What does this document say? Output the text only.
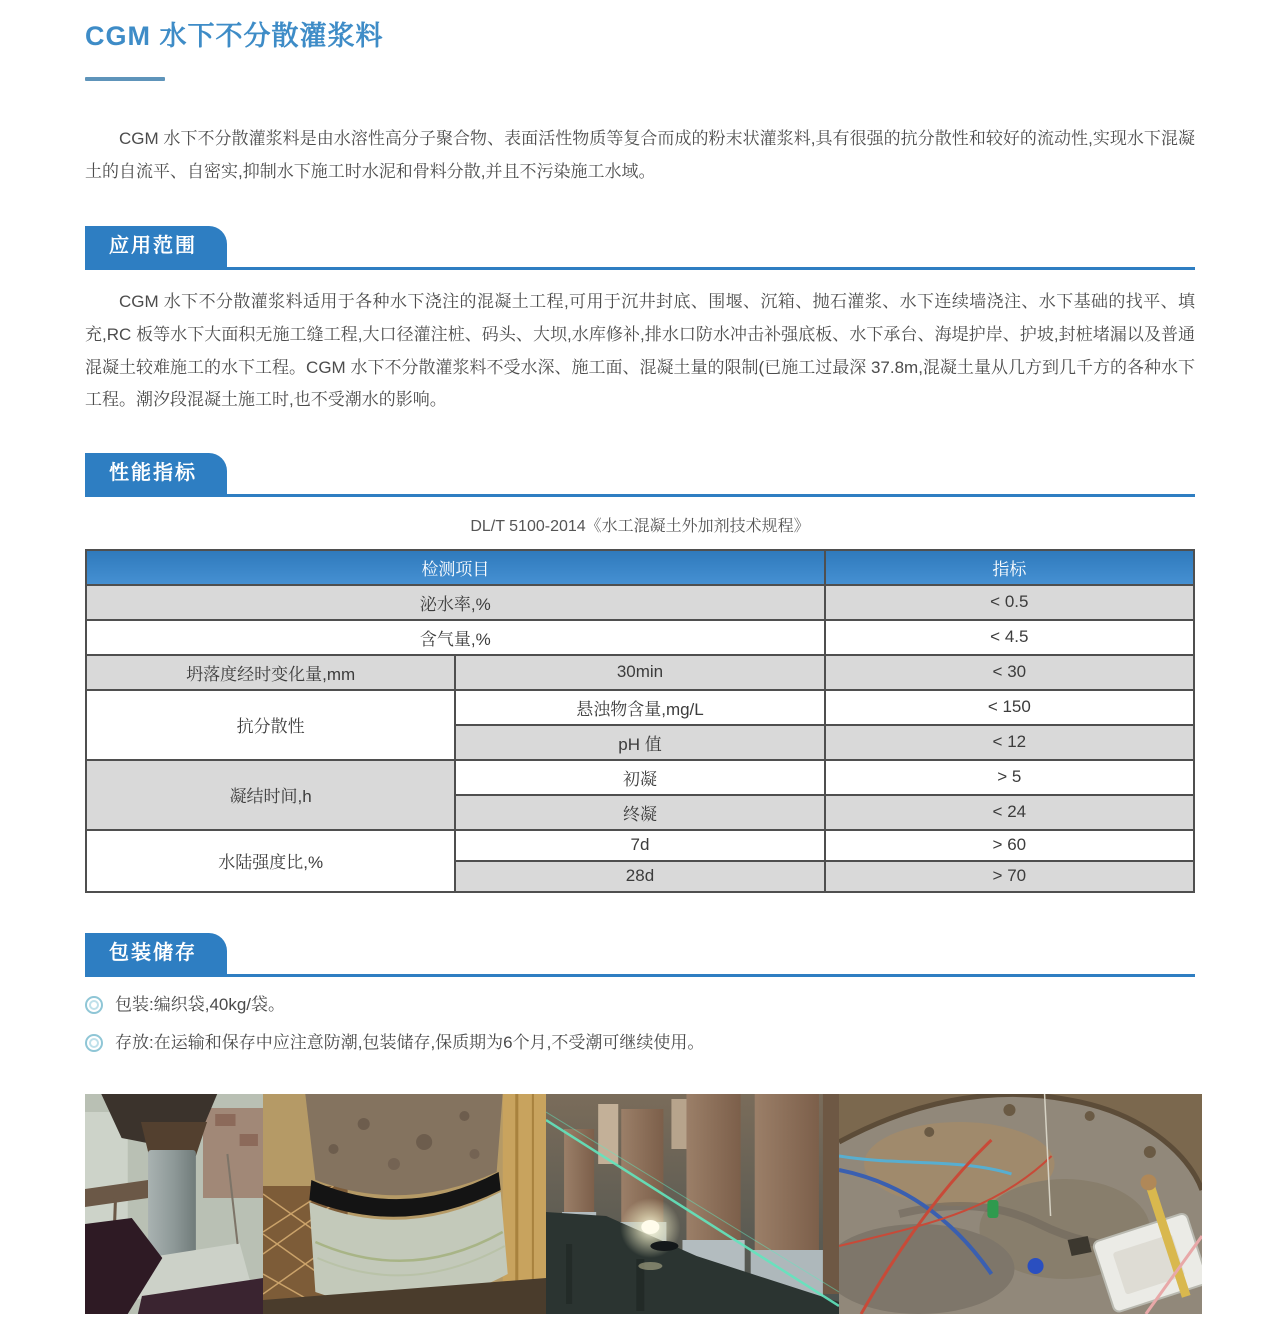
CGM 水下不分散灌浆料

CGM 水下不分散灌浆料是由水溶性高分子聚合物、表面活性物质等复合而成的粉末状灌浆料,具有很强的抗分散性和较好的流动性,实现水下混凝土的自流平、自密实,抑制水下施工时水泥和骨料分散,并且不污染施工水域。

应用范围

CGM 水下不分散灌浆料适用于各种水下浇注的混凝土工程,可用于沉井封底、围堰、沉箱、抛石灌浆、水下连续墙浇注、水下基础的找平、填充,RC 板等水下大面积无施工缝工程,大口径灌注桩、码头、大坝,水库修补,排水口防水冲击补强底板、水下承台、海堤护岸、护坡,封桩堵漏以及普通混凝土较难施工的水下工程。CGM 水下不分散灌浆料不受水深、施工面、混凝土量的限制(已施工过最深 37.8m,混凝土量从几方到几千方的各种水下工程。潮汐段混凝土施工时,也不受潮水的影响。

性能指标

DL/T 5100-2014《水工混凝土外加剂技术规程》

检测项目		指标
泌水率,%		< 0.5
含气量,%		< 4.5
坍落度经时变化量,mm	30min	< 30
抗分散性	悬浊物含量,mg/L	< 150
	pH 值	< 12
凝结时间,h	初凝	> 5
	终凝	< 24
水陆强度比,%	7d	> 60
	28d	> 70
包装储存
包装:编织袋,40kg/袋。
存放:在运输和保存中应注意防潮,包装储存,保质期为6个月,不受潮可继续使用。
